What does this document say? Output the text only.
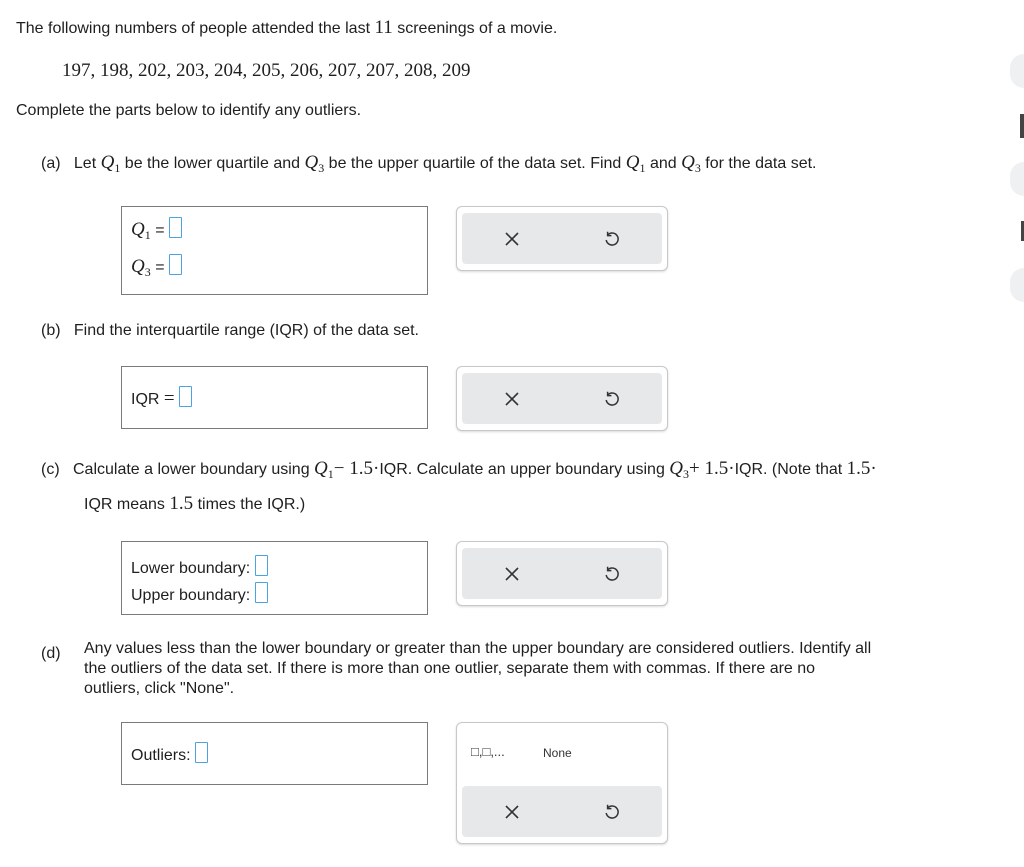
The following numbers of people attended the last 11 screenings of a movie.
197, 198, 202, 203, 204, 205, 206, 207, 207, 208, 209
Complete the parts below to identify any outliers.
(a) Let $Q_1$ be the lower quartile and $Q_3$ be the upper quartile of the data set. Find $Q_1$ and $Q_3$ for the data set.
$Q_1$ =
$Q_3$ =
(b) Find the interquartile range (IQR) of the data set.
IQR =
(c) Calculate a lower boundary using $Q_1- 1.5\cdot IQR$. Calculate an upper boundary using $Q_3+ 1.5\cdot IQR$. (Note that 1.5·
IQR means 1.5 times the IQR.)
Lower boundary:
Upper boundary:
(d) Any values less than the lower boundary or greater than the upper boundary are considered outliers. Identify all
the outliers of the data set. If there is more than one outlier, separate them with commas. If there are no
outliers, click "None".
Outliers:	□,□,...	None
